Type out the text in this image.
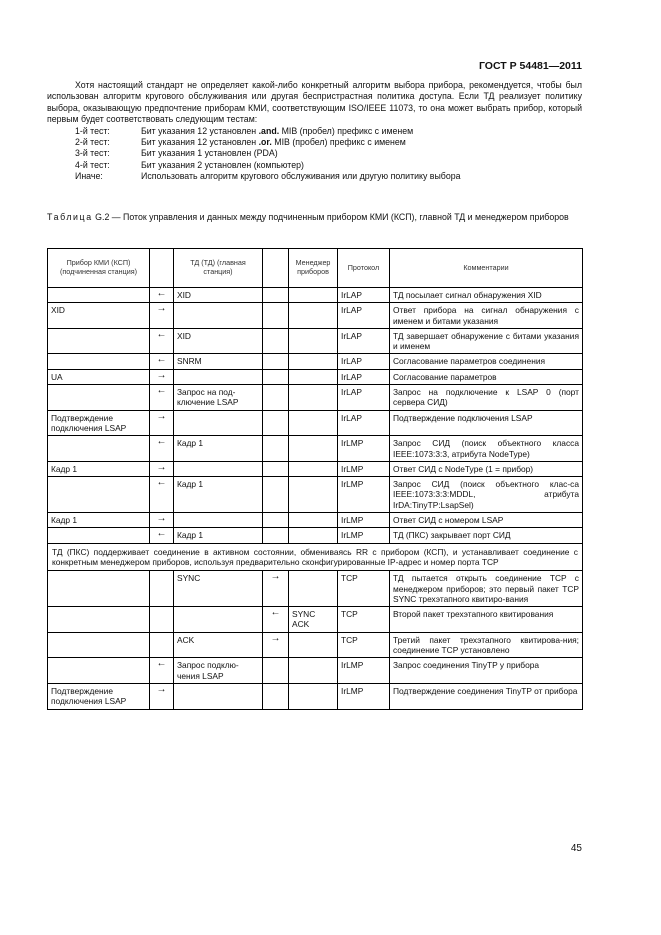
ГОСТ Р 54481—2011

Хотя настоящий стандарт не определяет какой-либо конкретный алгоритм выбора прибора, рекомендуется, чтобы был использован алгоритм кругового обслуживания или другая беспристрастная политика доступа. Если ТД реализует политику выбора, оказывающую предпочтение приборам КМИ, соответствующим ISO/IEEE 11073, то она может выбрать прибор, который первым будет соответствовать следующим тестам:

1-й тест:	Бит указания 12 установлен .and. MIB (пробел) префикс с именем
2-й тест:	Бит указания 12 установлен .or. MIB (пробел) префикс с именем
3-й тест:	Бит указания 1 установлен (PDA)
4-й тест:	Бит указания 2 установлен (компьютер)
Иначе:	Использовать алгоритм кругового обслуживания или другую политику выбора
Таблица G.2 — Поток управления и данных между подчиненным прибором КМИ (КСП), главной ТД и менеджером приборов
Прибор КМИ (КСП) (подчиненная станция)		ТД (ТД) (главная станция)		Менеджер приборов	Протокол	Комментарии
	←	XID			IrLAP	ТД посылает сигнал обнаружения XID
XID	→				IrLAP	Ответ прибора на сигнал обнаружения с именем и битами указания
	←	XID			IrLAP	ТД завершает обнаружение с битами указания и именем
	←	SNRM			IrLAP	Согласование параметров соединения
UA	→				IrLAP	Согласование параметров
	←	Запрос на под-ключение LSAP			IrLAP	Запрос на подключение к LSAP 0 (порт сервера СИД)
Подтверждение подключения LSAP	→				IrLAP	Подтверждение подключения LSAP
	←	Кадр 1			IrLMP	Запрос СИД (поиск объектного класса IEEE:1073:3:3, атрибута NodeType)
Кадр 1	→				IrLMP	Ответ СИД с NodeType (1 = прибор)
	←	Кадр 1			IrLMP	Запрос СИД (поиск объектного клас-са IEEE:1073:3:3:MDDL, атрибута IrDA:TinyTP:LsapSel)
Кадр 1	→				IrLMP	Ответ СИД с номером LSAP
	←	Кадр 1			IrLMP	ТД (ПКС) закрывает порт СИД
ТД (ПКС) поддерживает соединение в активном состоянии, обмениваясь RR с прибором (КСП), и устанавливает соединение с конкретным менеджером приборов, используя предварительно сконфигурированные IP-адрес и номер порта TCP						
		SYNC	→		TCP	ТД пытается открыть соединение TCP с менеджером приборов; это первый пакет TCP SYNC трехэтапного квитиро-вания
			←	SYNC ACK	TCP	Второй пакет трехэтапного квитирования
		ACK	→		TCP	Третий пакет трехэтапного квитирова-ния; соединение TCP установлено
	←	Запрос подклю-чения LSAP			IrLMP	Запрос соединения TinyTP у прибора
Подтверждение подключения LSAP	→				IrLMP	Подтверждение соединения TinyTP от прибора
45
